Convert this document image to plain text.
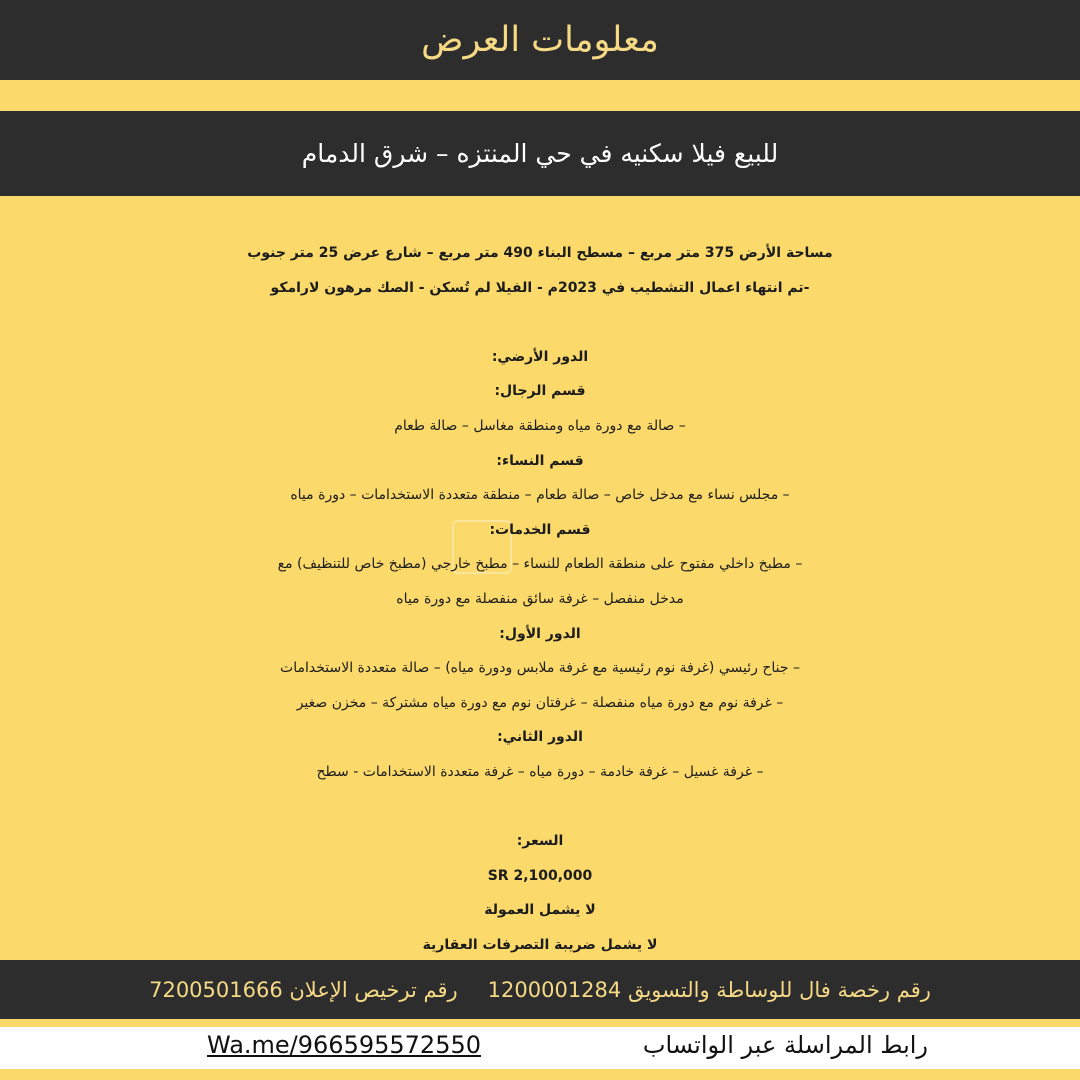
معلومات العرض
للبيع فيلا سكنيه في حي المنتزه – شرق الدمام
مساحة الأرض 375 متر مربع – مسطح البناء 490 متر مربع – شارع عرض 25 متر جنوب
-تم انتهاء اعمال التشطيب في 2023م - الفيلا لم تُسكن - الصك مرهون لارامكو
الدور الأرضي:
قسم الرجال:
– صالة مع دورة مياه ومنطقة مغاسل – صالة طعام
قسم النساء:
– مجلس نساء مع مدخل خاص – صالة طعام – منطقة متعددة الاستخدامات – دورة مياه
قسم الخدمات:
– مطبخ داخلي مفتوح على منطقة الطعام للنساء – مطبخ خارجي (مطبخ خاص للتنظيف) مع
مدخل منفصل – غرفة سائق منفصلة مع دورة مياه
الدور الأول:
– جناح رئيسي (غرفة نوم رئيسية مع غرفة ملابس ودورة مياه) – صالة متعددة الاستخدامات
– غرفة نوم مع دورة مياه منفصلة – غرفتان نوم مع دورة مياه مشتركة – مخزن صغير
الدور الثاني:
– غرفة غسيل – غرفة خادمة – دورة مياه – غرفة متعددة الاستخدامات - سطح
السعر:
SR 2,100,000
لا يشمل العمولة
لا يشمل ضريبة التصرفات العقارية
رقم رخصة فال للوساطة والتسويق 1200001284
رقم ترخيص الإعلان 7200501666
رابط المراسلة عبر الواتساب
Wa.me/966595572550
